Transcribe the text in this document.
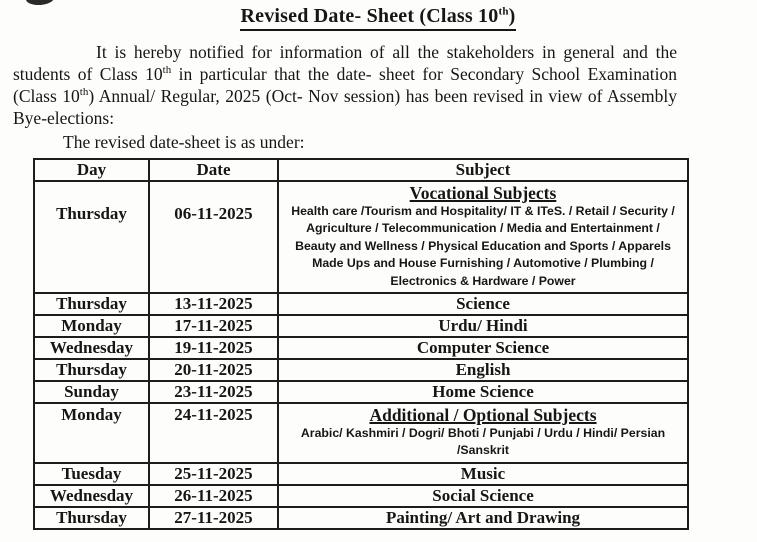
Revised Date- Sheet (Class 10th)

It is hereby notified for information of all the stakeholders in general and the students of Class 10th in particular that the date- sheet for Secondary School Examination (Class 10th) Annual/ Regular, 2025 (Oct- Nov session) has been revised in view of Assembly Bye-elections:

The revised date-sheet is as under:
Day	Date	Subject
Thursday	06-11-2025	Vocational Subjects
Health care /Tourism and Hospitality/ IT & ITeS. / Retail / Security / Agriculture / Telecommunication / Media and Entertainment / Beauty and Wellness / Physical Education and Sports / Apparels Made Ups and House Furnishing / Automotive / Plumbing / Electronics & Hardware / Power

Thursday	13-11-2025	Science
Monday	17-11-2025	Urdu/ Hindi
Wednesday	19-11-2025	Computer Science
Thursday	20-11-2025	English
Sunday	23-11-2025	Home Science
Monday	24-11-2025	Additional / Optional Subjects
Arabic/ Kashmiri / Dogri/ Bhoti / Punjabi / Urdu / Hindi/ Persian /Sanskrit

Tuesday	25-11-2025	Music
Wednesday	26-11-2025	Social Science
Thursday	27-11-2025	Painting/ Art and Drawing
